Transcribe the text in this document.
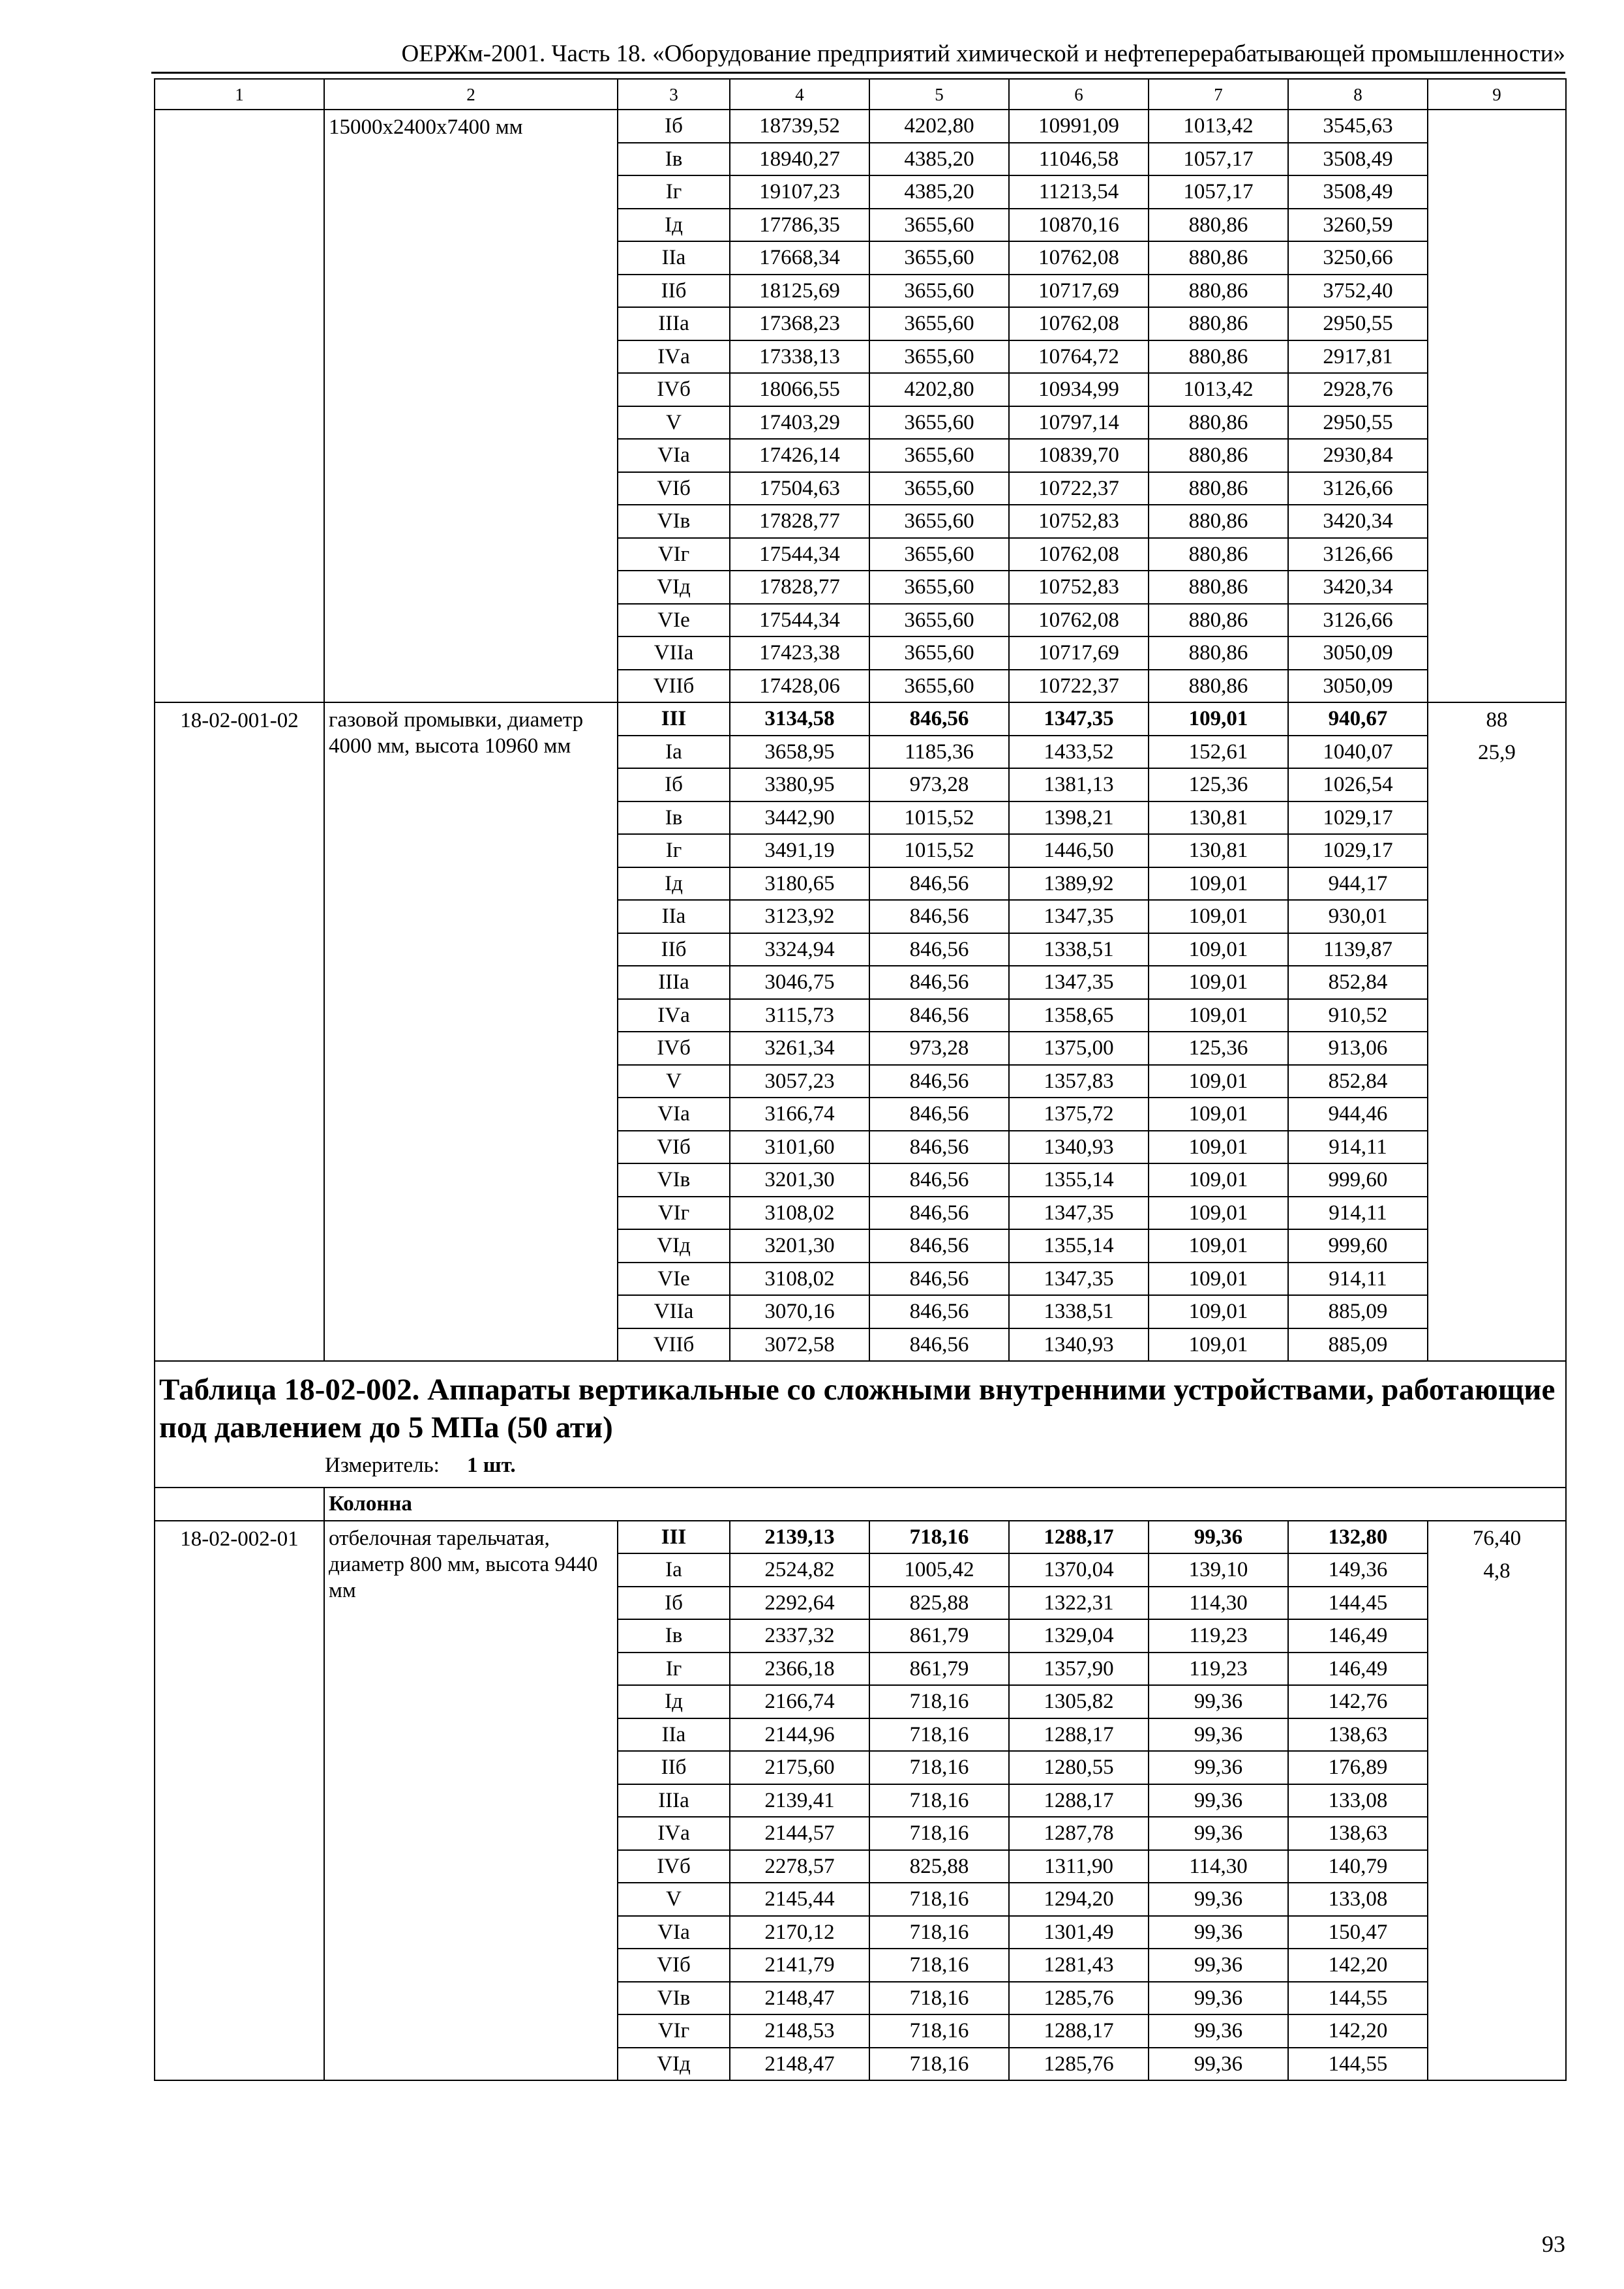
ОЕРЖм-2001. Часть 18. «Оборудование предприятий химической и нефтеперерабатывающей промышленности»
1	2	3	4	5	6	7	8	9
	15000х2400х7400 мм	Iб	18739,52	4202,80	10991,09	1013,42	3545,63	
		Iв	18940,27	4385,20	11046,58	1057,17	3508,49	
		Iг	19107,23	4385,20	11213,54	1057,17	3508,49	
		Iд	17786,35	3655,60	10870,16	880,86	3260,59	
		IIа	17668,34	3655,60	10762,08	880,86	3250,66	
		IIб	18125,69	3655,60	10717,69	880,86	3752,40	
		IIIа	17368,23	3655,60	10762,08	880,86	2950,55	
		IVа	17338,13	3655,60	10764,72	880,86	2917,81	
		IVб	18066,55	4202,80	10934,99	1013,42	2928,76	
		V	17403,29	3655,60	10797,14	880,86	2950,55	
		VIа	17426,14	3655,60	10839,70	880,86	2930,84	
		VIб	17504,63	3655,60	10722,37	880,86	3126,66	
		VIв	17828,77	3655,60	10752,83	880,86	3420,34	
		VIг	17544,34	3655,60	10762,08	880,86	3126,66	
		VIд	17828,77	3655,60	10752,83	880,86	3420,34	
		VIе	17544,34	3655,60	10762,08	880,86	3126,66	
		VIIа	17423,38	3655,60	10717,69	880,86	3050,09	
		VIIб	17428,06	3655,60	10722,37	880,86	3050,09	
18-02-001-02	газовой промывки, диаметр 4000 мм, высота 10960 мм	III	3134,58	846,56	1347,35	109,01	940,67	88
25,9

		Iа	3658,95	1185,36	1433,52	152,61	1040,07	
		Iб	3380,95	973,28	1381,13	125,36	1026,54	
		Iв	3442,90	1015,52	1398,21	130,81	1029,17	
		Iг	3491,19	1015,52	1446,50	130,81	1029,17	
		Iд	3180,65	846,56	1389,92	109,01	944,17	
		IIа	3123,92	846,56	1347,35	109,01	930,01	
		IIб	3324,94	846,56	1338,51	109,01	1139,87	
		IIIа	3046,75	846,56	1347,35	109,01	852,84	
		IVа	3115,73	846,56	1358,65	109,01	910,52	
		IVб	3261,34	973,28	1375,00	125,36	913,06	
		V	3057,23	846,56	1357,83	109,01	852,84	
		VIа	3166,74	846,56	1375,72	109,01	944,46	
		VIб	3101,60	846,56	1340,93	109,01	914,11	
		VIв	3201,30	846,56	1355,14	109,01	999,60	
		VIг	3108,02	846,56	1347,35	109,01	914,11	
		VIд	3201,30	846,56	1355,14	109,01	999,60	
		VIе	3108,02	846,56	1347,35	109,01	914,11	
		VIIа	3070,16	846,56	1338,51	109,01	885,09	
		VIIб	3072,58	846,56	1340,93	109,01	885,09	

Таблица 18-02-002. Аппараты вертикальные со сложными внутренними устройствами, работающие под давлением до 5 МПа (50 ати)
Измеритель: 1 шт.								

	Колонна							
18-02-002-01	отбелочная тарельчатая, диаметр 800 мм, высота 9440 мм	III	2139,13	718,16	1288,17	99,36	132,80	76,40
4,8

		Iа	2524,82	1005,42	1370,04	139,10	149,36	
		Iб	2292,64	825,88	1322,31	114,30	144,45	
		Iв	2337,32	861,79	1329,04	119,23	146,49	
		Iг	2366,18	861,79	1357,90	119,23	146,49	
		Iд	2166,74	718,16	1305,82	99,36	142,76	
		IIа	2144,96	718,16	1288,17	99,36	138,63	
		IIб	2175,60	718,16	1280,55	99,36	176,89	
		IIIа	2139,41	718,16	1288,17	99,36	133,08	
		IVа	2144,57	718,16	1287,78	99,36	138,63	
		IVб	2278,57	825,88	1311,90	114,30	140,79	
		V	2145,44	718,16	1294,20	99,36	133,08	
		VIа	2170,12	718,16	1301,49	99,36	150,47	
		VIб	2141,79	718,16	1281,43	99,36	142,20	
		VIв	2148,47	718,16	1285,76	99,36	144,55	
		VIг	2148,53	718,16	1288,17	99,36	142,20	
		VIд	2148,47	718,16	1285,76	99,36	144,55	
93
